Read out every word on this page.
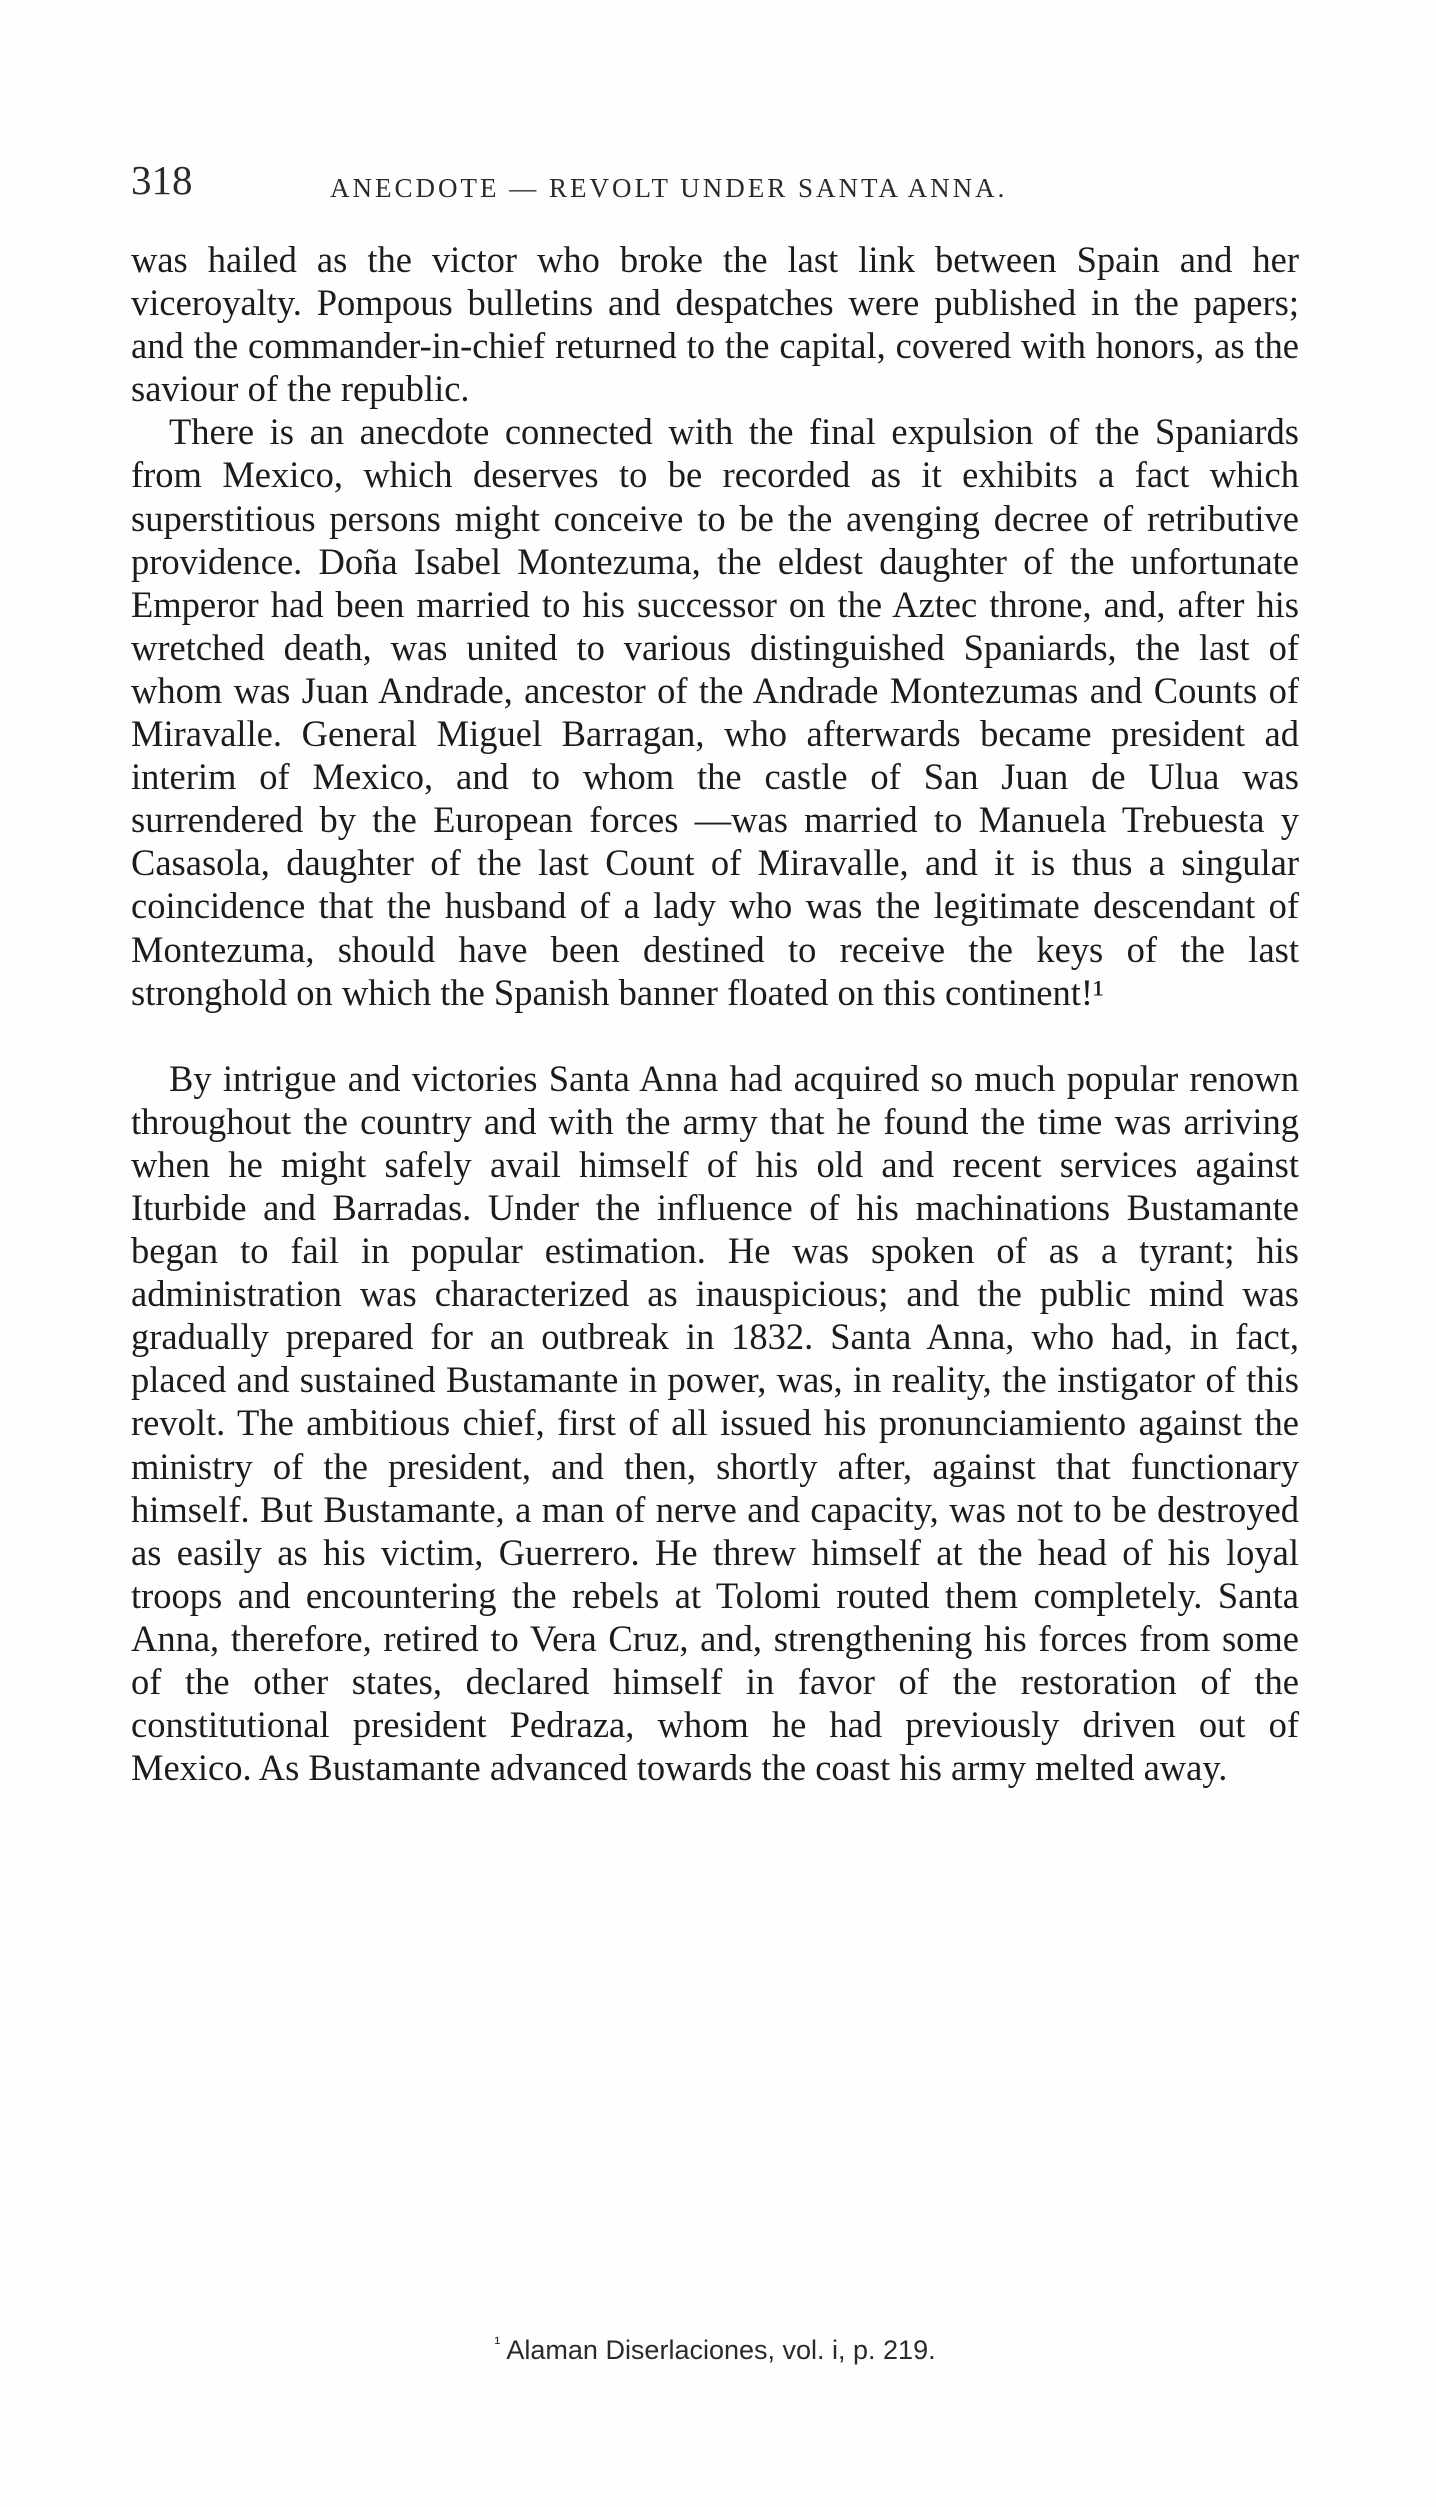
318	ANECDOTE — REVOLT UNDER SANTA ANNA.

was hailed as the victor who broke the last link between Spain and her viceroyalty. Pompous bulletins and despatches were published in the papers; and the commander-in-chief returned to the capital, covered with honors, as the saviour of the republic.

There is an anecdote connected with the final expulsion of the Spaniards from Mexico, which deserves to be recorded as it exhibits a fact which superstitious persons might conceive to be the avenging decree of retributive providence. Doña Isabel Montezuma, the eldest daughter of the unfortunate Emperor had been married to his successor on the Aztec throne, and, after his wretched death, was united to various distinguished Spaniards, the last of whom was Juan Andrade, ancestor of the Andrade Montezumas and Counts of Miravalle. General Miguel Barragan, who afterwards became president ad interim of Mexico, and to whom the castle of San Juan de Ulua was surrendered by the European forces —was married to Manuela Trebuesta y Casasola, daughter of the last Count of Miravalle, and it is thus a singular coincidence that the husband of a lady who was the legitimate descendant of Montezuma, should have been destined to receive the keys of the last stronghold on which the Spanish banner floated on this continent!¹

By intrigue and victories Santa Anna had acquired so much popular renown throughout the country and with the army that he found the time was arriving when he might safely avail himself of his old and recent services against Iturbide and Barradas. Under the influence of his machinations Bustamante began to fail in popular estimation. He was spoken of as a tyrant; his administration was characterized as inauspicious; and the public mind was gradually prepared for an outbreak in 1832. Santa Anna, who had, in fact, placed and sustained Bustamante in power, was, in reality, the instigator of this revolt. The ambitious chief, first of all issued his pronunciamiento against the ministry of the president, and then, shortly after, against that functionary himself. But Bustamante, a man of nerve and capacity, was not to be destroyed as easily as his victim, Guerrero. He threw himself at the head of his loyal troops and encountering the rebels at Tolomi routed them completely. Santa Anna, therefore, retired to Vera Cruz, and, strengthening his forces from some of the other states, declared himself in favor of the restoration of the constitutional president Pedraza, whom he had previously driven out of Mexico. As Bustamante advanced towards the coast his army melted away.

$^{^1}$ Alaman Diserlaciones, vol. i, p. 219.
